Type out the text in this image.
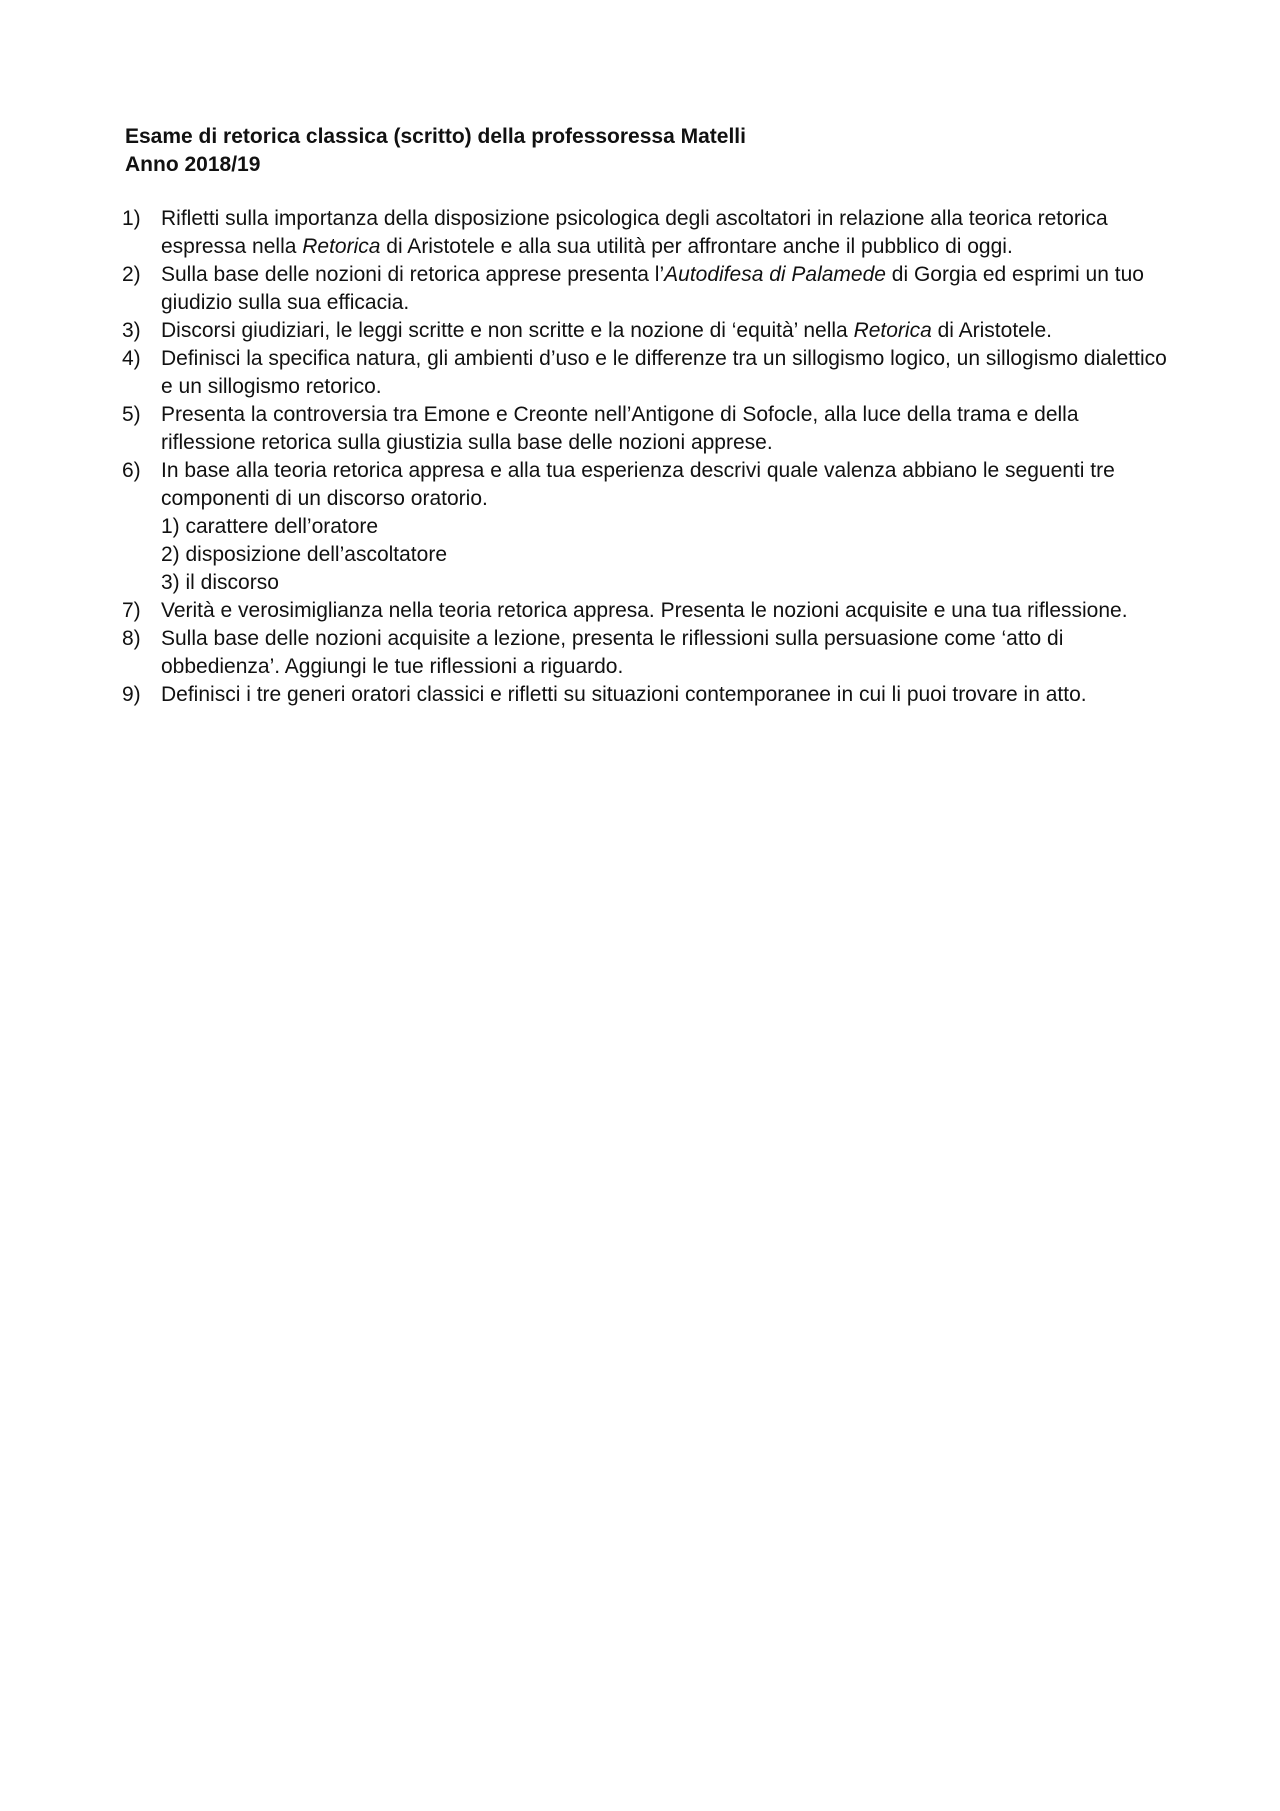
Esame di retorica classica (scritto) della professoressa Matelli
Anno 2018/19
1) Rifletti sulla importanza della disposizione psicologica degli ascoltatori in relazione alla teorica retorica espressa nella Retorica di Aristotele e alla sua utilità per affrontare anche il pubblico di oggi.
2) Sulla base delle nozioni di retorica apprese presenta l’Autodifesa di Palamede di Gorgia ed esprimi un tuo giudizio sulla sua efficacia.
3) Discorsi giudiziari, le leggi scritte e non scritte e la nozione di ‘equità’ nella Retorica di Aristotele.
4) Definisci la specifica natura, gli ambienti d’uso e le differenze tra un sillogismo logico, un sillogismo dialettico e un sillogismo retorico.
5) Presenta la controversia tra Emone e Creonte nell’Antigone di Sofocle, alla luce della trama e della riflessione retorica sulla giustizia sulla base delle nozioni apprese.
6) In base alla teoria retorica appresa e alla tua esperienza descrivi quale valenza abbiano le seguenti tre componenti di un discorso oratorio.
1) carattere dell’oratore
2) disposizione dell’ascoltatore
3) il discorso
7) Verità e verosimiglianza nella teoria retorica appresa. Presenta le nozioni acquisite e una tua riflessione.
8) Sulla base delle nozioni acquisite a lezione, presenta le riflessioni sulla persuasione come ‘atto di obbedienza’. Aggiungi le tue riflessioni a riguardo.
9) Definisci i tre generi oratori classici e rifletti su situazioni contemporanee in cui li puoi trovare in atto.
